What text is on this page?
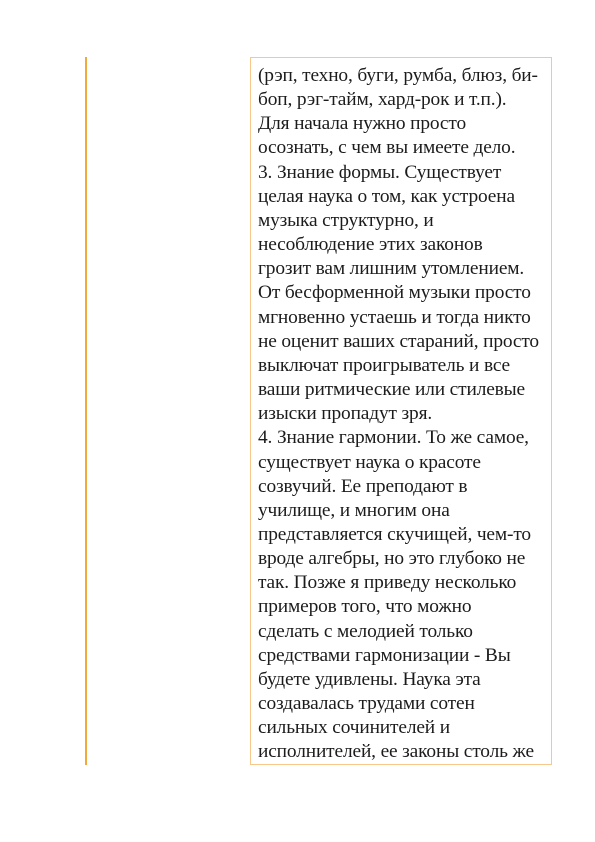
(рэп, техно, буги, румба, блюз, би-
боп, рэг-тайм, хард-рок и т.п.).
Для начала нужно просто
осознать, с чем вы имеете дело.
3. Знание формы. Существует
целая наука о том, как устроена
музыка структурно, и
несоблюдение этих законов
грозит вам лишним утомлением.
От бесформенной музыки просто
мгновенно устаешь и тогда никто
не оценит ваших стараний, просто
выключат проигрыватель и все
ваши ритмические или стилевые
изыски пропадут зря.
4. Знание гармонии. То же самое,
существует наука о красоте
созвучий. Ее преподают в
училище, и многим она
представляется скучищей, чем-то
вроде алгебры, но это глубоко не
так. Позже я приведу несколько
примеров того, что можно
сделать с мелодией только
средствами гармонизации - Вы
будете удивлены. Наука эта
создавалась трудами сотен
сильных сочинителей и
исполнителей, ее законы столь же
